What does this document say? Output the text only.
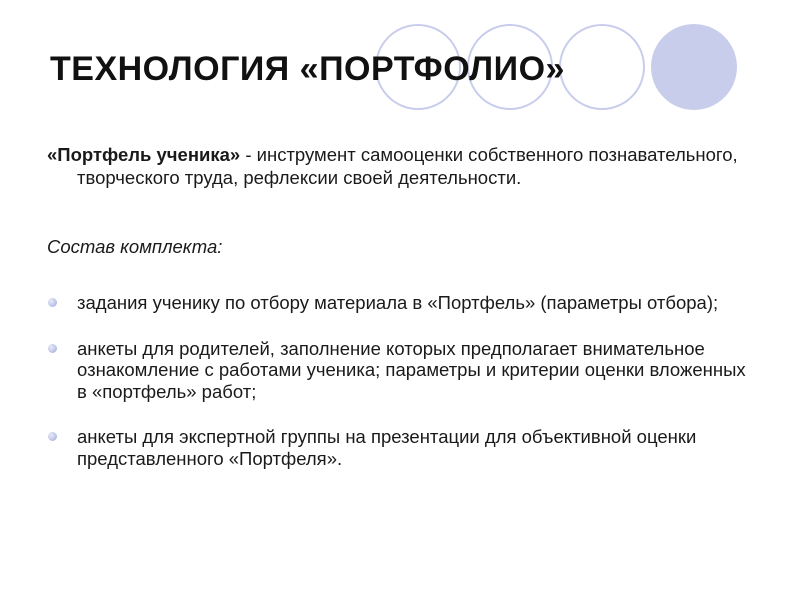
ТЕХНОЛОГИЯ «ПОРТФОЛИО»
«Портфель ученика» - инструмент самооценки собственного познавательного, творческого труда, рефлексии своей деятельности.
Состав комплекта:
задания ученику по отбору материала в «Портфель» (параметры отбора);
анкеты для родителей, заполнение которых предполагает внимательное ознакомление с работами ученика; параметры и критерии оценки вложенных в «портфель» работ;
анкеты для экспертной группы на презентации для объективной оценки представленного «Портфеля».
